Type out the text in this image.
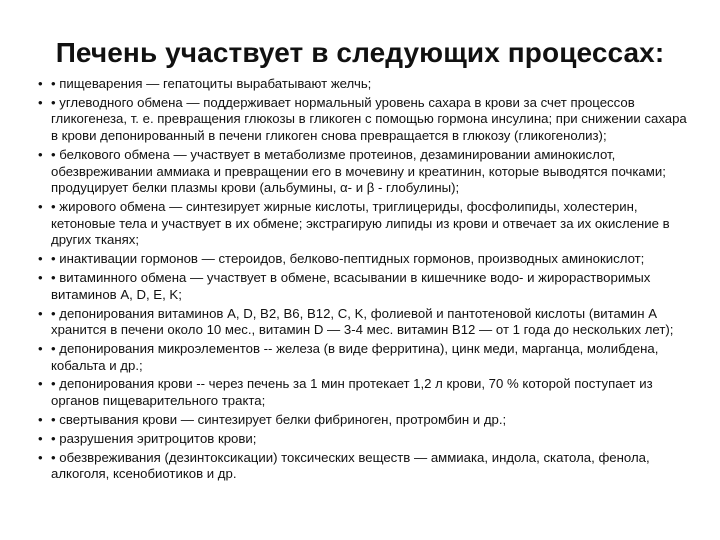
Печень участвует в следующих процессах:
• • пищеварения — гепатоциты вырабатывают желчь;
• • углеводного обмена — поддерживает нормальный уровень сахара в крови за счет процессов гликогенеза, т. е. превращения глюкозы в гликоген с помощью гормона инсулина; при снижении сахара в крови депонированный в печени гликоген снова превращается в глюкозу (гликогенолиз);
• • белкового обмена — участвует в метаболизме протеинов, дезаминировании аминокислот, обезвреживании аммиака и превращении его в мочевину и креатинин, которые выводятся почками; продуцирует белки плазмы крови (альбумины, α- и β - глобулины);
• • жирового обмена — синтезирует жирные кислоты, триглицериды, фосфолипиды, холестерин, кетоновые тела и участвует в их обмене; экстрагирую липиды из крови и отвечает за их окисление в других тканях;
• • инактивации гормонов — стероидов, белково-пептидных гормонов, производных аминокислот;
• • витаминного обмена — участвует в обмене, всасывании в кишечнике водо- и жирорастворимых витаминов A, D, E, K;
• • депонирования витаминов A, D, B2, B6, B12, C, K, фолиевой и пантотеновой кислоты (витамин A хранится в печени около 10 мес., витамин D — 3-4 мес. витамин B12 — от 1 года до нескольких лет);
• • депонирования микроэлементов -- железа (в виде ферритина), цинк меди, марганца, молибдена, кобальта и др.;
• • депонирования крови -- через печень за 1 мин протекает 1,2 л крови, 70 % которой поступает из органов пищеварительного тракта;
• • свертывания крови — синтезирует белки фибриноген, протромбин и др.;
• • разрушения эритроцитов крови;
• • обезвреживания (дезинтоксикации) токсических веществ — аммиака, индола, скатола, фенола, алкоголя, ксенобиотиков и др.
